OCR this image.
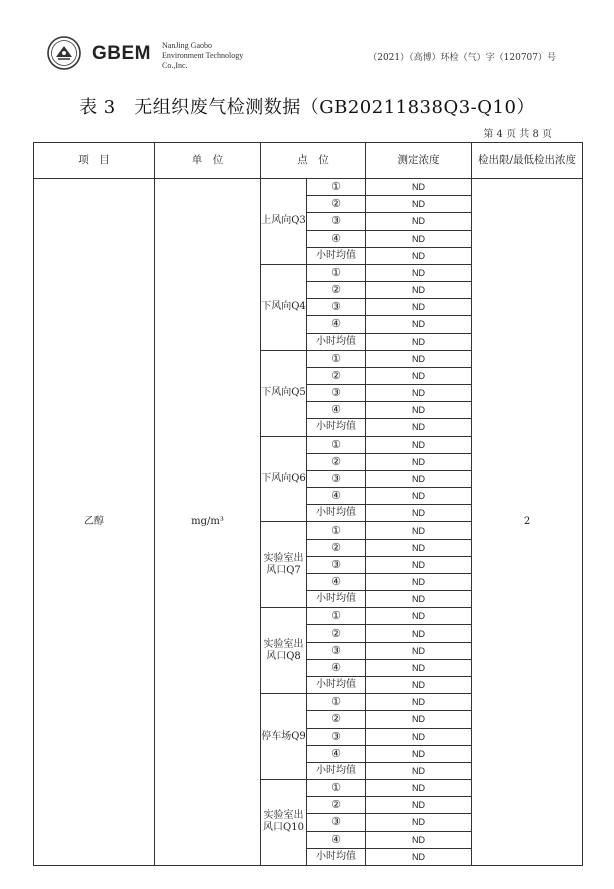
GBEM NanJing Gaobo
Environment Technology
Co.,Inc.
（2021）（高博）环检（气）字（120707）号
表 3　无组织废气检测数据（GB20211838Q3-Q10）
第 4 页 共 8 页
项　目	单　位	点　位		测定浓度	检出限/最低检出浓度
乙醇	mg/m³	上风向Q3	①	ND	2
			②	ND	
			③	ND	
			④	ND	
			小时均值	ND	
		下风向Q4	①	ND	
			②	ND	
			③	ND	
			④	ND	
			小时均值	ND	
		下风向Q5	①	ND	
			②	ND	
			③	ND	
			④	ND	
			小时均值	ND	
		下风向Q6	①	ND	
			②	ND	
			③	ND	
			④	ND	
			小时均值	ND	
		实验室出风口Q7	①	ND	
			②	ND	
			③	ND	
			④	ND	
			小时均值	ND	
		实验室出风口Q8	①	ND	
			②	ND	
			③	ND	
			④	ND	
			小时均值	ND	
		停车场Q9	①	ND	
			②	ND	
			③	ND	
			④	ND	
			小时均值	ND	
		实验室出风口Q10	①	ND	
			②	ND	
			③	ND	
			④	ND	
			小时均值	ND	
